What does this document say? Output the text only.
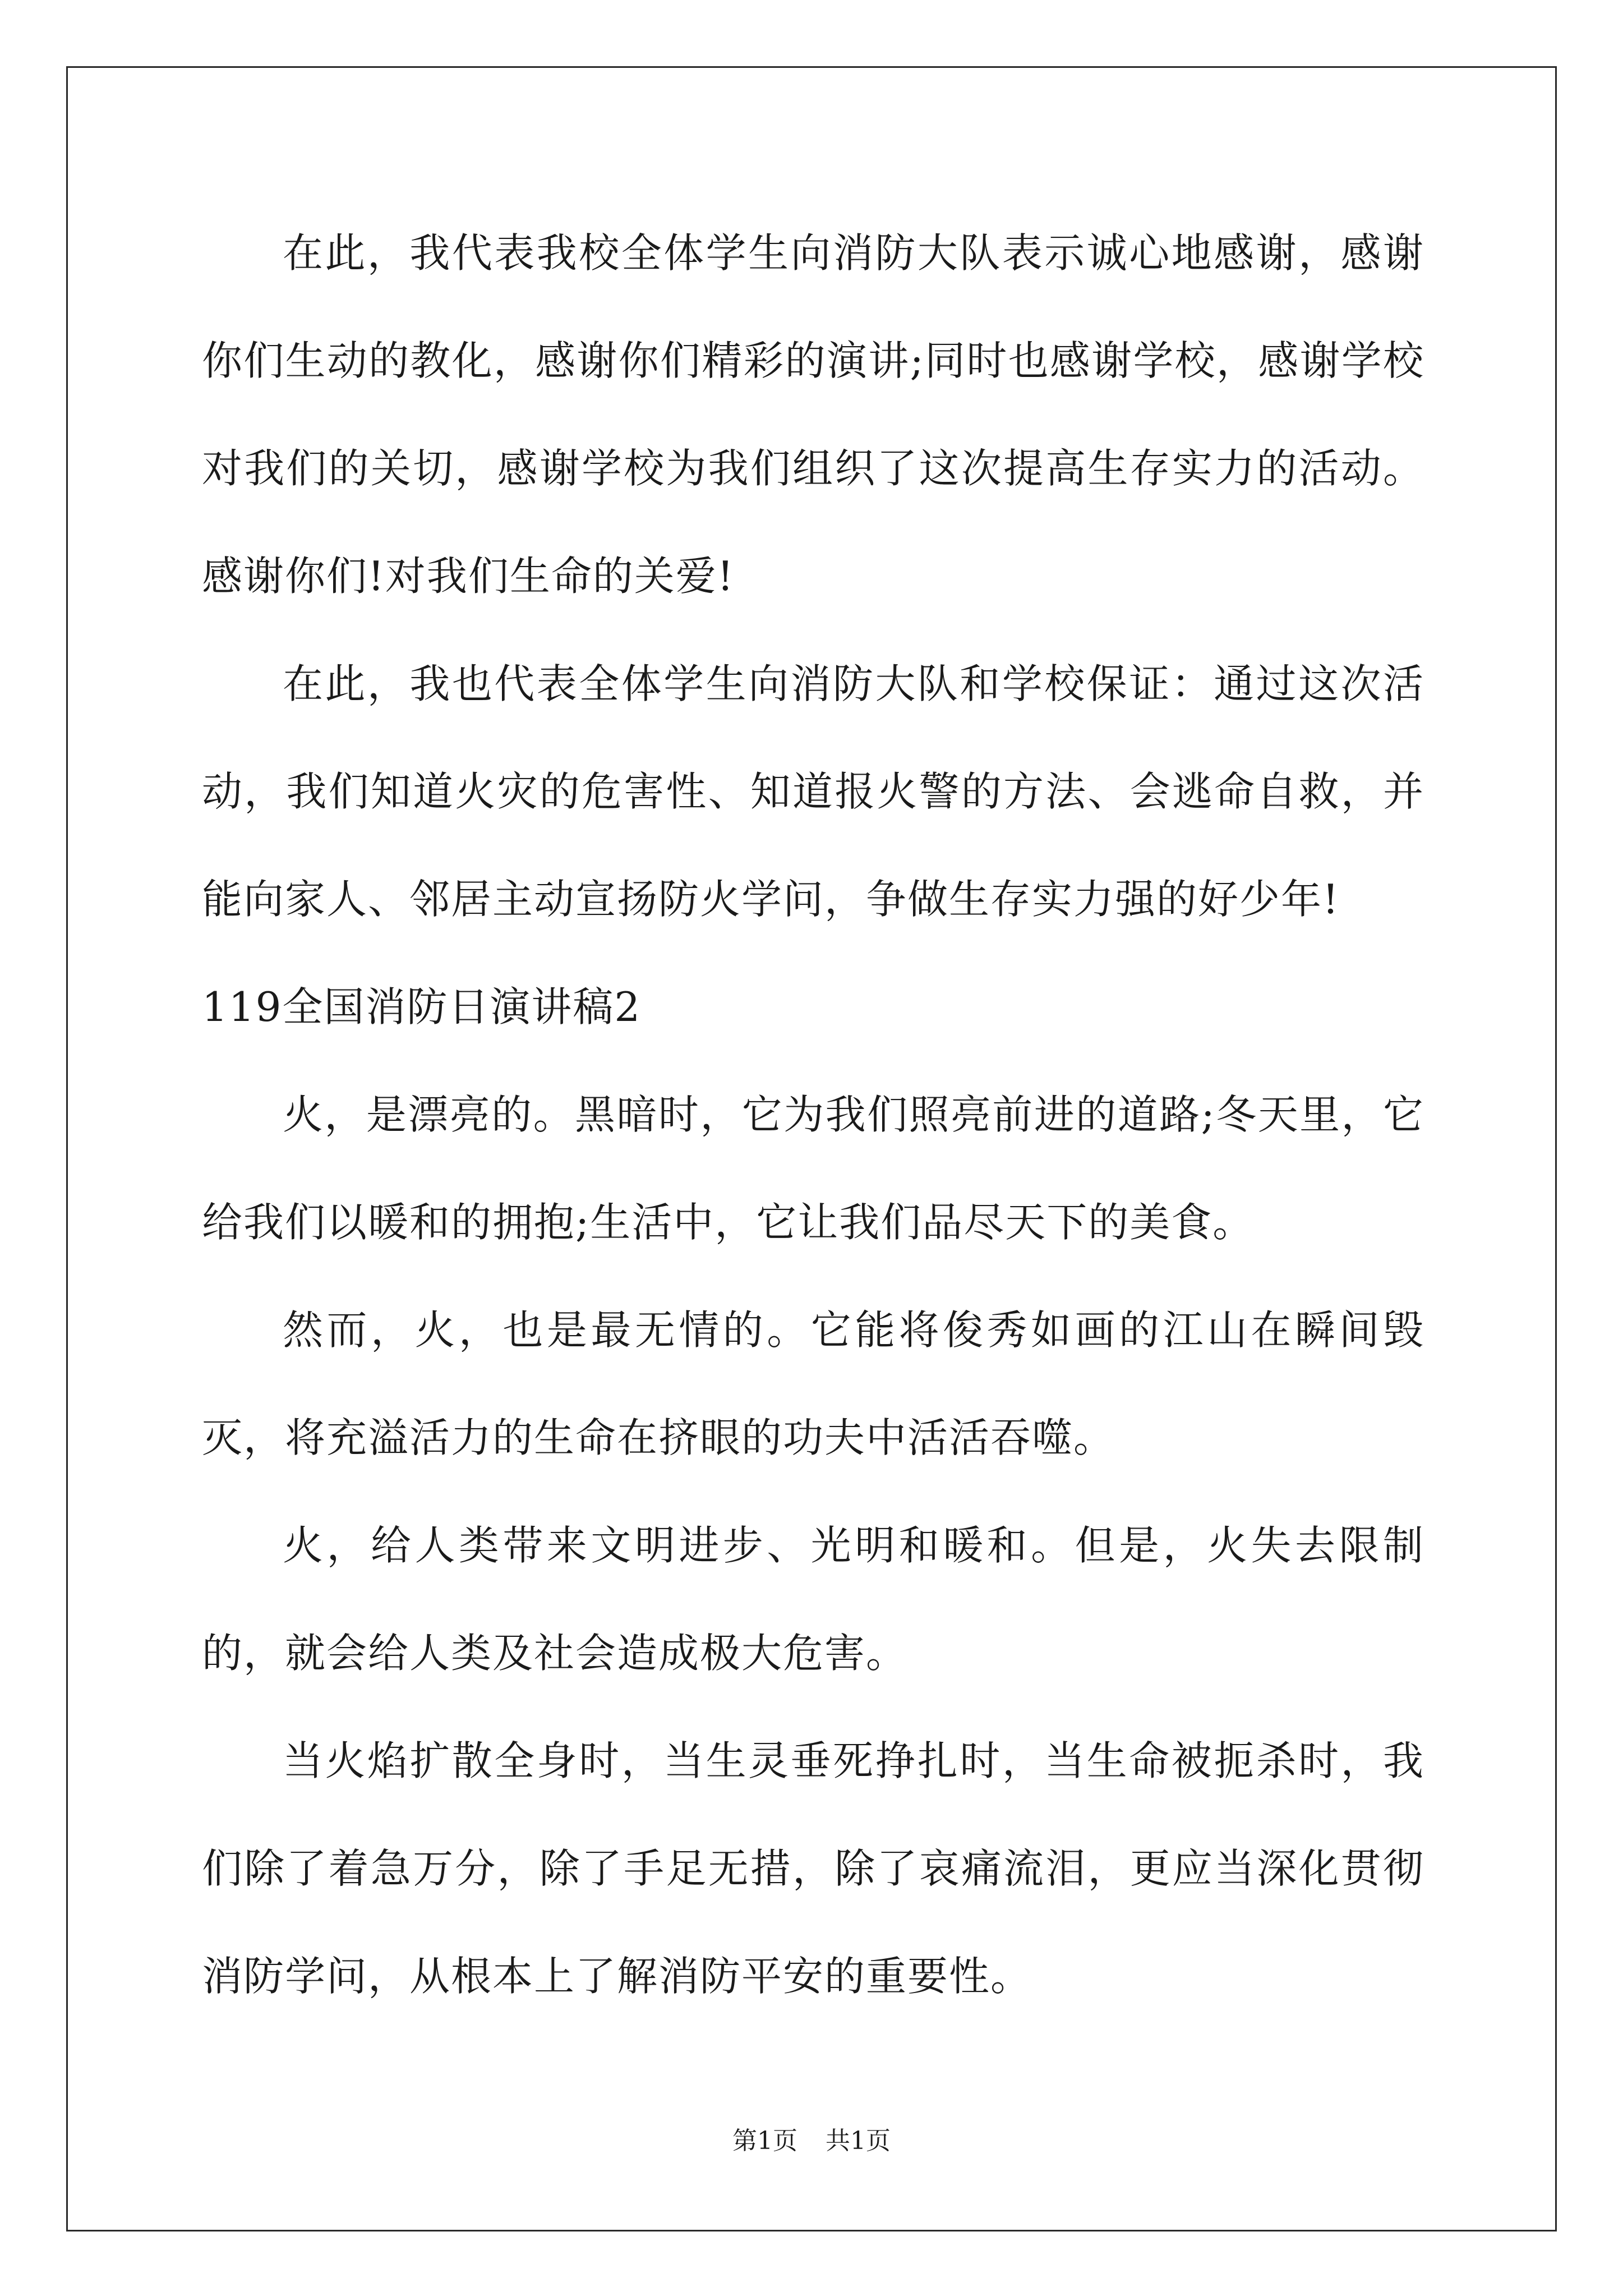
在此，我代表我校全体学生向消防大队表示诚心地感谢，感谢你们生动的教化，感谢你们精彩的演讲;同时也感谢学校，感谢学校对我们的关切，感谢学校为我们组织了这次提高生存实力的活动。感谢你们!对我们生命的关爱!

在此，我也代表全体学生向消防大队和学校保证：通过这次活动，我们知道火灾的危害性、知道报火警的方法、会逃命自救，并能向家人、邻居主动宣扬防火学问，争做生存实力强的好少年!

119全国消防日演讲稿2

火，是漂亮的。黑暗时，它为我们照亮前进的道路;冬天里，它给我们以暖和的拥抱;生活中，它让我们品尽天下的美食。

然而，火，也是最无情的。它能将俊秀如画的江山在瞬间毁灭，将充溢活力的生命在挤眼的功夫中活活吞噬。

火，给人类带来文明进步、光明和暖和。但是，火失去限制的，就会给人类及社会造成极大危害。

当火焰扩散全身时，当生灵垂死挣扎时，当生命被扼杀时，我们除了着急万分，除了手足无措，除了哀痛流泪，更应当深化贯彻消防学问，从根本上了解消防平安的重要性。

第1页 共1页
